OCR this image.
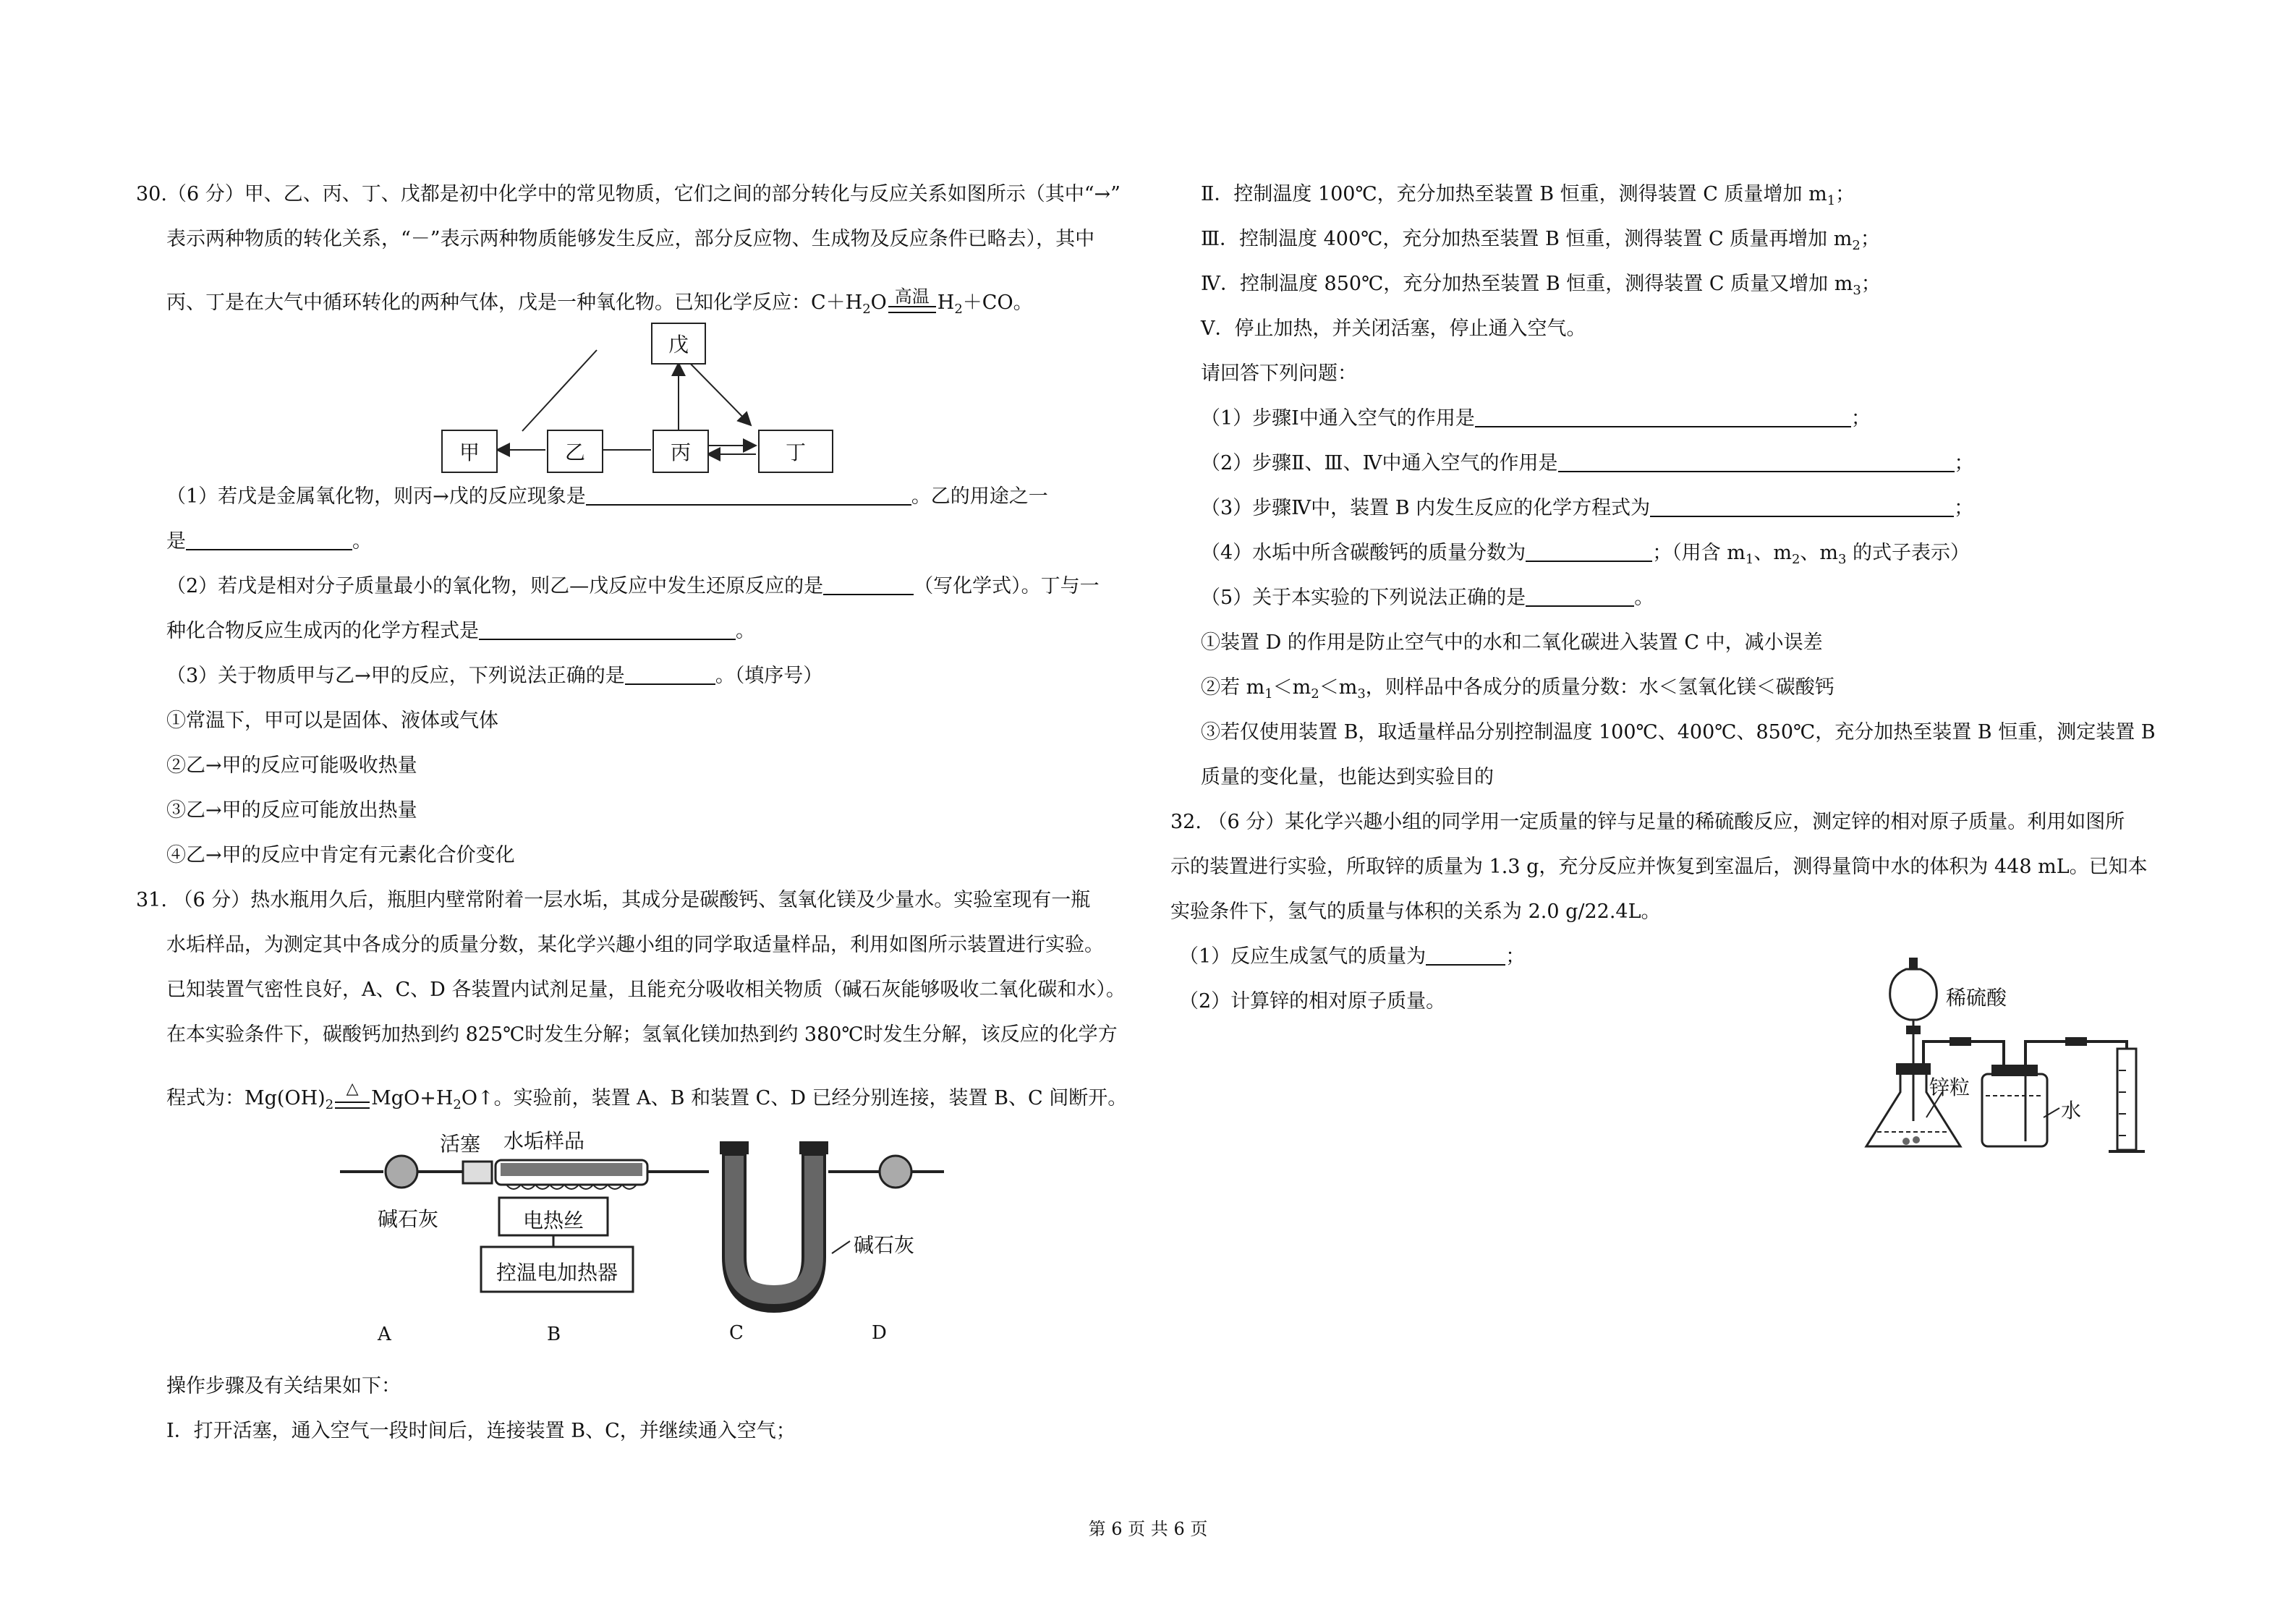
30.（6 分）甲、乙、丙、丁、戊都是初中化学中的常见物质，它们之间的部分转化与反应关系如图所示（其中“→”
表示两种物质的转化关系，“－”表示两种物质能够发生反应，部分反应物、生成物及反应条件已略去），其中
丙、丁是在大气中循环转化的两种气体，戊是一种氧化物。已知化学反应：$C+H_2O$ 高温 $H_2+CO$。
戊
甲	乙	丙	丁
（1）若戊是金属氧化物，则丙→戊的反应现象是	。乙的用途之一
是	。
（2）若戊是相对分子质量最小的氧化物，则乙—戊反应中发生还原反应的是	（写化学式）。丁与一
种化合物反应生成丙的化学方程式是	。
（3）关于物质甲与乙→甲的反应，下列说法正确的是	。（填序号）
①常温下，甲可以是固体、液体或气体
②乙→甲的反应可能吸收热量
③乙→甲的反应可能放出热量
④乙→甲的反应中肯定有元素化合价变化
31. （6 分）热水瓶用久后，瓶胆内壁常附着一层水垢，其成分是碳酸钙、氢氧化镁及少量水。实验室现有一瓶
水垢样品，为测定其中各成分的质量分数，某化学兴趣小组的同学取适量样品，利用如图所示装置进行实验。
已知装置气密性良好，A、C、D 各装置内试剂足量，且能充分吸收相关物质（碱石灰能够吸收二氧化碳和水）。
在本实验条件下，碳酸钙加热到约 825℃时发生分解；氢氧化镁加热到约 380℃时发生分解，该反应的化学方
程式为：$Mg(OH)_2$
△ $MgO+H_2O↑$。实验前，装置 A、B 和装置 C、D 已经分别连接，装置 B、C 间断开。
活塞 水垢样品
碱石灰	电热丝
控温电加热器
碱石灰
A	B	C	D
操作步骤及有关结果如下：
Ⅰ．打开活塞，通入空气一段时间后，连接装置 B、C，并继续通入空气；
Ⅱ．控制温度 100℃，充分加热至装置 B 恒重，测得装置 C 质量增加 $m_1$；
Ⅲ．控制温度 400℃，充分加热至装置 B 恒重，测得装置 C 质量再增加 $m_2$；
Ⅳ．控制温度 850℃，充分加热至装置 B 恒重，测得装置 C 质量又增加 $m_3$；
Ⅴ．停止加热，并关闭活塞，停止通入空气。
请回答下列问题：
（1）步骤Ⅰ中通入空气的作用是	；
（2）步骤Ⅱ、Ⅲ、Ⅳ中通入空气的作用是	；
（3）步骤Ⅳ中，装置 B 内发生反应的化学方程式为	；
（4）水垢中所含碳酸钙的质量分数为	；（用含 $m_1$、$m_2$、$m_3$ 的式子表示）
（5）关于本实验的下列说法正确的是	。
①装置 D 的作用是防止空气中的水和二氧化碳进入装置 C 中，减小误差
②若 $m_1<m_2<m_3$，则样品中各成分的质量分数：水＜氢氧化镁＜碳酸钙
③若仅使用装置 B，取适量样品分别控制温度 100℃、400℃、850℃，充分加热至装置 B 恒重，测定装置 B
质量的变化量，也能达到实验目的
32. （6 分）某化学兴趣小组的同学用一定质量的锌与足量的稀硫酸反应，测定锌的相对原子质量。利用如图所
示的装置进行实验，所取锌的质量为 1.3 g，充分反应并恢复到室温后，测得量筒中水的体积为 448 mL。已知本
实验条件下，氢气的质量与体积的关系为 2.0 g/22.4L。
（1）反应生成氢气的质量为	；
（2）计算锌的相对原子质量。	稀硫酸
锌粒
水
第 6 页 共 6 页
